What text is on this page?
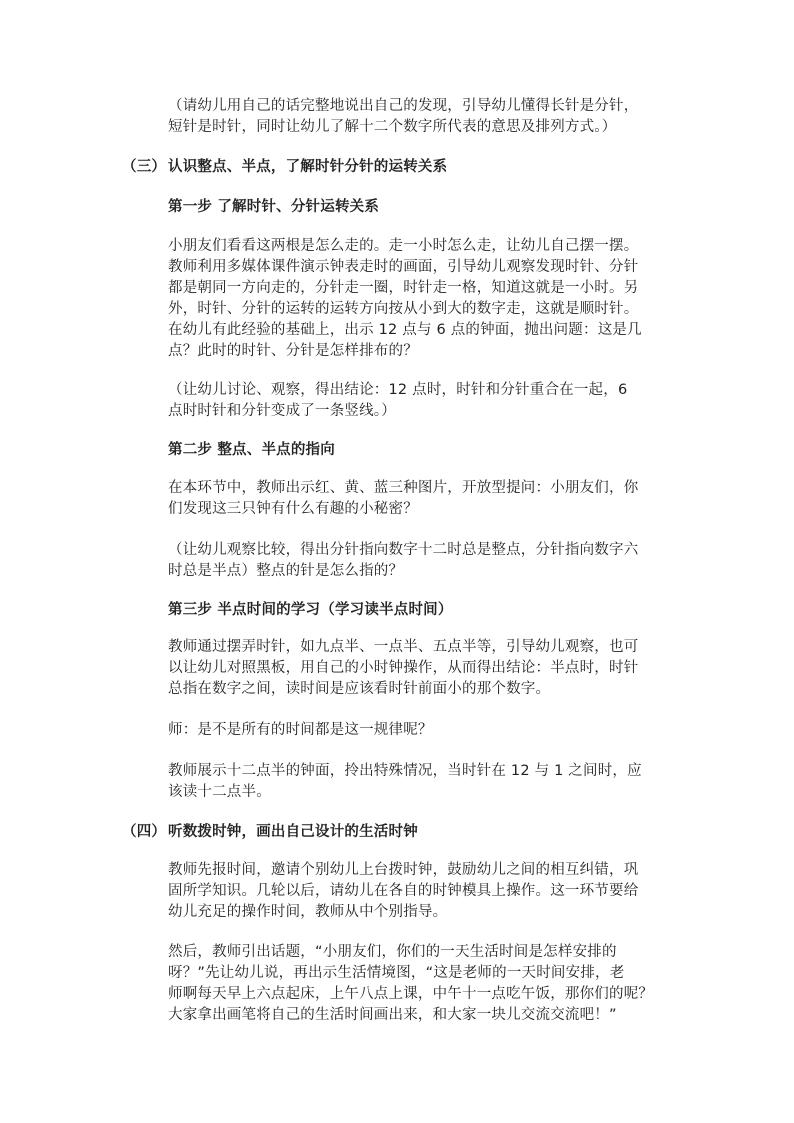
（请幼儿用自己的话完整地说出自己的发现，引导幼儿懂得长针是分针，
短针是时针，同时让幼儿了解十二个数字所代表的意思及排列方式。）

（三） 认识整点、半点，了解时针分针的运转关系

第一步 了解时针、分针运转关系

小朋友们看看这两根是怎么走的。走一小时怎么走，让幼儿自己摆一摆。
教师利用多媒体课件演示钟表走时的画面，引导幼儿观察发现时针、分针
都是朝同一方向走的，分针走一圈，时针走一格，知道这就是一小时。另
外，时针、分针的运转的运转方向按从小到大的数字走，这就是顺时针。
在幼儿有此经验的基础上，出示 12 点与 6 点的钟面，抛出问题：这是几
点？此时的时针、分针是怎样排布的？

（让幼儿讨论、观察，得出结论：12 点时，时针和分针重合在一起，6
点时时针和分针变成了一条竖线。）

第二步 整点、半点的指向

在本环节中，教师出示红、黄、蓝三种图片，开放型提问：小朋友们，你
们发现这三只钟有什么有趣的小秘密？

（让幼儿观察比较，得出分针指向数字十二时总是整点，分针指向数字六
时总是半点）整点的针是怎么指的？

第三步 半点时间的学习（学习读半点时间）

教师通过摆弄时针，如九点半、一点半、五点半等，引导幼儿观察，也可
以让幼儿对照黑板，用自己的小时钟操作，从而得出结论：半点时，时针
总指在数字之间，读时间是应该看时针前面小的那个数字。

师：是不是所有的时间都是这一规律呢？

教师展示十二点半的钟面，拎出特殊情况，当时针在 12 与 1 之间时，应
该读十二点半。

（四） 听数拨时钟，画出自己设计的生活时钟

教师先报时间，邀请个别幼儿上台拨时钟，鼓励幼儿之间的相互纠错，巩
固所学知识。几轮以后，请幼儿在各自的时钟模具上操作。这一环节要给
幼儿充足的操作时间，教师从中个别指导。

然后，教师引出话题，“小朋友们，你们的一天生活时间是怎样安排的
呀？”先让幼儿说，再出示生活情境图，“这是老师的一天时间安排，老
师啊每天早上六点起床，上午八点上课，中午十一点吃午饭，那你们的呢？
大家拿出画笔将自己的生活时间画出来，和大家一块儿交流交流吧！”
